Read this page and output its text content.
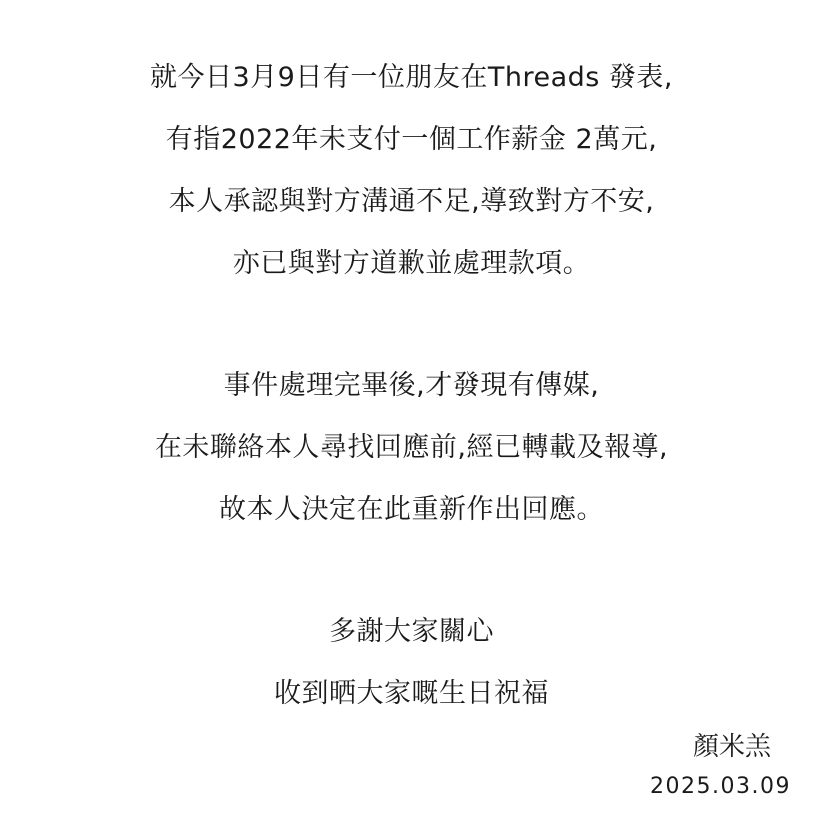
就今日3月9日有一位朋友在Threads 發表,
有指2022年未支付一個工作薪金 2萬元,
本人承認與對方溝通不足,導致對方不安,
亦已與對方道歉並處理款項。
事件處理完畢後,才發現有傳媒,
在未聯絡本人尋找回應前,經已轉載及報導,
故本人決定在此重新作出回應。
多謝大家關心
收到晒大家嘅生日祝福
顏米羔
2025.03.09
